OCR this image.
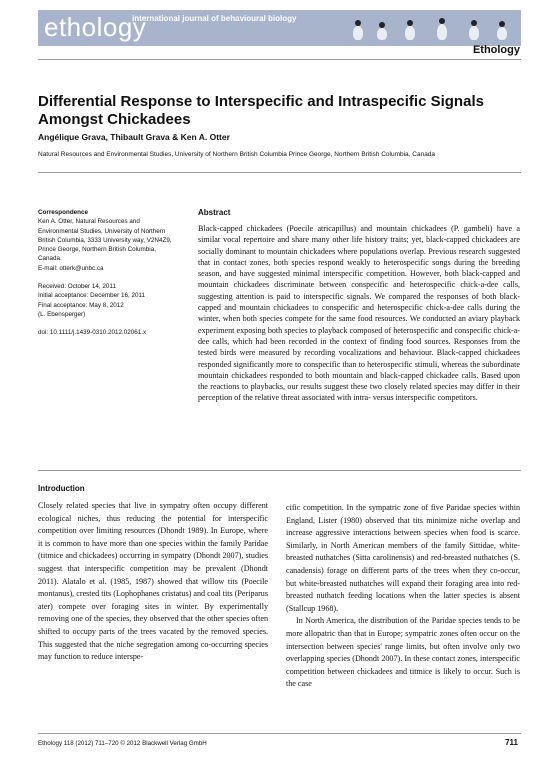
ethology
international journal of behavioural biology
Ethology
Differential Response to Interspecific and Intraspecific Signals Amongst Chickadees
Angélique Grava, Thibault Grava & Ken A. Otter
Natural Resources and Environmental Studies, University of Northern British Columbia Prince George, Northern British Columbia, Canada
Correspondence
Ken A. Otter, Natural Resources and Environmental Studies, University of Northern British Columbia, 3333 University way, V2N4Z9, Prince George, Northern British Columbia, Canada.
E-mail: otterk@unbc.ca
Received: October 14, 2011
Initial acceptance: December 16, 2011
Final acceptance: May 8, 2012
(L. Ebensperger)
doi: 10.1111/j.1439-0310.2012.02061.x
Abstract

Black-capped chickadees (Poecile atricapillus) and mountain chickadees (P. gambeli) have a similar vocal repertoire and share many other life history traits; yet, black-capped chickadees are socially dominant to mountain chickadees where populations overlap. Previous research suggested that in contact zones, both species respond weakly to heterospecific songs during the breeding season, and have suggested minimal interspecific competition. However, both black-capped and mountain chickadees discriminate between conspecific and heterospecific chick-a-dee calls, suggesting attention is paid to interspecific signals. We compared the responses of both black-capped and mountain chickadees to conspecific and heterospecific chick-a-dee calls during the winter, when both species compete for the same food resources. We conducted an aviary playback experiment exposing both species to playback composed of heterospecific and conspecific chick-a-dee calls, which had been recorded in the context of finding food sources. Responses from the tested birds were measured by recording vocalizations and behaviour. Black-capped chickadees responded significantly more to conspecific than to heterospecific stimuli, whereas the subordinate mountain chickadees responded to both mountain and black-capped chickadee calls. Based upon the reactions to playbacks, our results suggest these two closely related species may differ in their perception of the relative threat associated with intra- versus interspecific competitors.

Introduction

Closely related species that live in sympatry often occupy different ecological niches, thus reducing the potential for interspecific competition over limiting resources (Dhondt 1989). In Europe, where it is common to have more than one species within the family Paridae (titmice and chickadees) occurring in sympatry (Dhondt 2007), studies suggest that interspecific competition may be prevalent (Dhondt 2011). Alatalo et al. (1985, 1987) showed that willow tits (Poecile montanus), crested tits (Lophophanes cristatus) and coal tits (Periparus ater) compete over foraging sites in winter. By experimentally removing one of the species, they observed that the other species often shifted to occupy parts of the trees vacated by the removed species. This suggested that the niche segregation among co-occurring species may function to reduce interspe-

cific competition. In the sympatric zone of five Paridae species within England, Lister (1980) observed that tits minimize niche overlap and increase aggressive interactions between species when food is scarce. Similarly, in North American members of the family Sittidae, white-breasted nuthatches (Sitta carolinensis) and red-breasted nuthatches (S. canadensis) forage on different parts of the trees when they co-occur, but white-breasted nuthatches will expand their foraging area into red-breasted nuthatch feeding locations when the latter species is absent (Stallcup 1968).

In North America, the distribution of the Paridae species tends to be more allopatric than that in Europe; sympatric zones often occur on the intersection between species' range limits, but often involve only two overlapping species (Dhondt 2007). In these contact zones, interspecific competition between chickadees and titmice is likely to occur. Such is the case

Ethology 118 (2012) 711–720 © 2012 Blackwell Verlag GmbH	711
